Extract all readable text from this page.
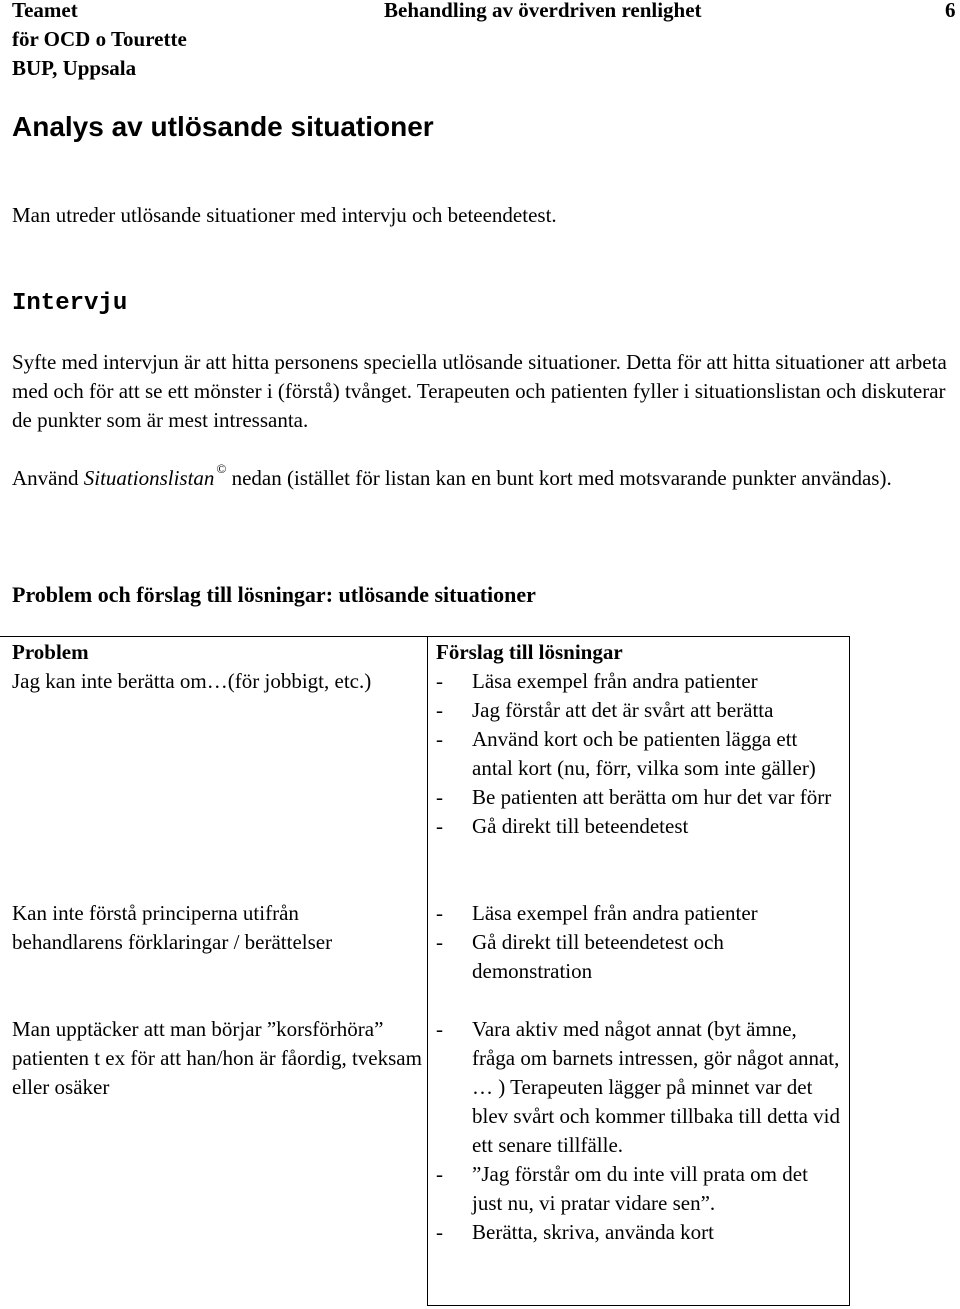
Teamet
för OCD o Tourette
BUP, Uppsala
Behandling av överdriven renlighet	6
Analys av utlösande situationer
Man utreder utlösande situationer med intervju och beteendetest.
Intervju
Syfte med intervjun är att hitta personens speciella utlösande situationer. Detta för att hitta situationer att arbeta med och för att se ett mönster i (förstå) tvånget. Terapeuten och patienten fyller i situationslistan och diskuterar de punkter som är mest intressanta.
Använd Situationslistan © nedan (istället för listan kan en bunt kort med motsvarande punkter användas).
Problem och förslag till lösningar: utlösande situationer
Problem	Förslag till lösningar
Jag kan inte berätta om…(för jobbigt, etc.)
-	Läsa exempel från andra patienter
- Jag förstår att det är svårt att berätta
- Använd kort och be patienten lägga ett antal kort (nu, förr, vilka som inte gäller)
- Be patienten att berätta om hur det var förr
- Gå direkt till beteendetest
Kan inte förstå principerna utifrån behandlarens förklaringar / berättelser
- Läsa exempel från andra patienter
- Gå direkt till beteendetest och demonstration
Man upptäcker att man börjar ”korsförhöra” patienten t ex för att han/hon är fåordig, tveksam eller osäker
- Vara aktiv med något annat (byt ämne, fråga om barnets intressen, gör något annat, … ) Terapeuten lägger på minnet var det blev svårt och kommer tillbaka till detta vid ett senare tillfälle.
- ”Jag förstår om du inte vill prata om det just nu, vi pratar vidare sen”.
- Berätta, skriva, använda kort
